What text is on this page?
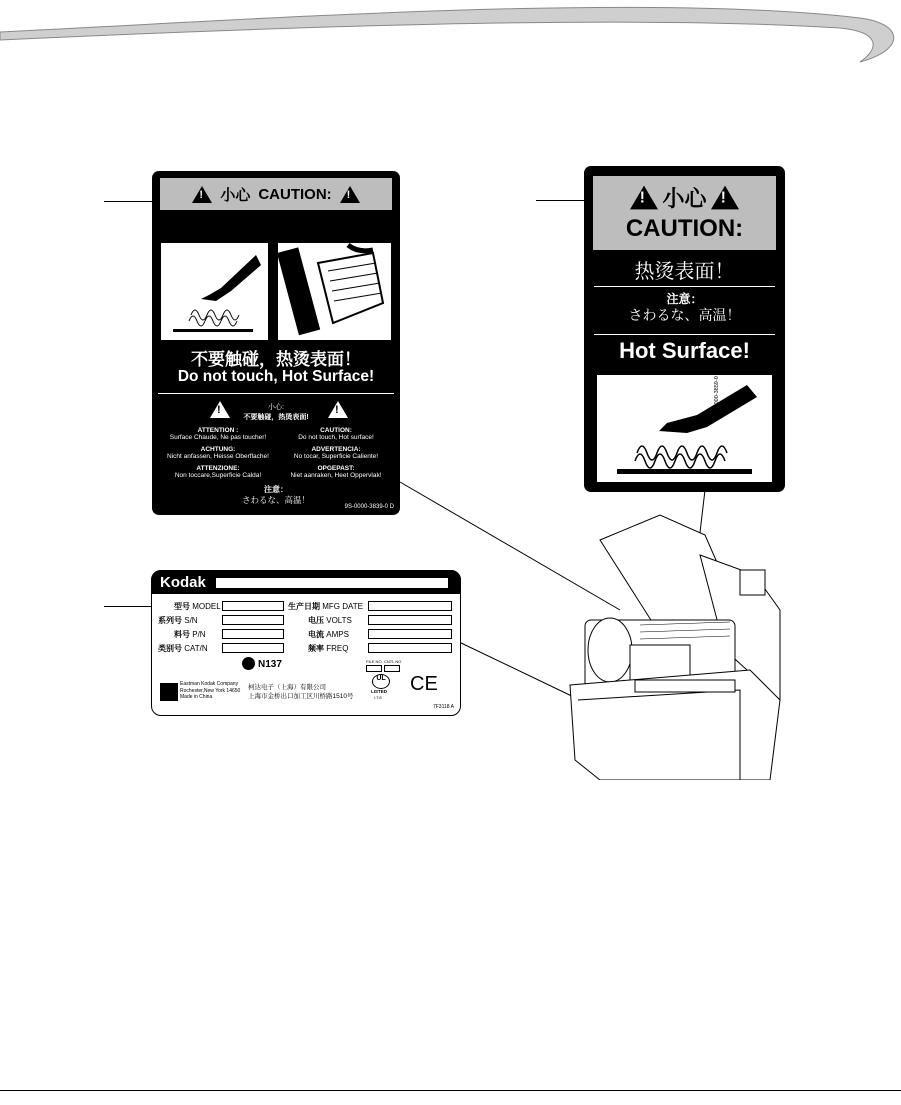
!
小心 CAUTION:
!
不要触碰，热烫表面！
Do not touch, Hot Surface!
!
!
小心:
不要触碰，热烫表面!
ATTENTION :
Surface Chaude, Ne pas toucher!
CAUTION:
Do not touch, Hot surface!
ACHTUNG:
Nicht anfassen, Heisse Oberflache!
ADVERTENCIA:
No tocar, Superficie Caliente!
ATTENZIONE:
Non toccare,Superficie Calda!
OPGEPAST:
Niet aanraken, Heet Oppervlak!
注意：
さわるな、高温！
9S-0000-3839-0 D
!
小心
!
CAUTION:
热烫表面！
注意：
さわるな、高温！
Hot Surface!
9S-0000-3859-0 C
Kodak
型号 MODEL
系列号 S/N
料号 P/N
类别号 CAT/N
生产日期 MFG DATE
电压 VOLTS
电流 AMPS
频率 FREQ
N137
Eastman Kodak Company
Rochester,New York 14650
Made in China
柯达电子（上海）有限公司
上海市金桥出口加工区川桥路1510号
FILE NO CNTL NO
UL
LISTED
I.T.E
CE
7F3118 A
